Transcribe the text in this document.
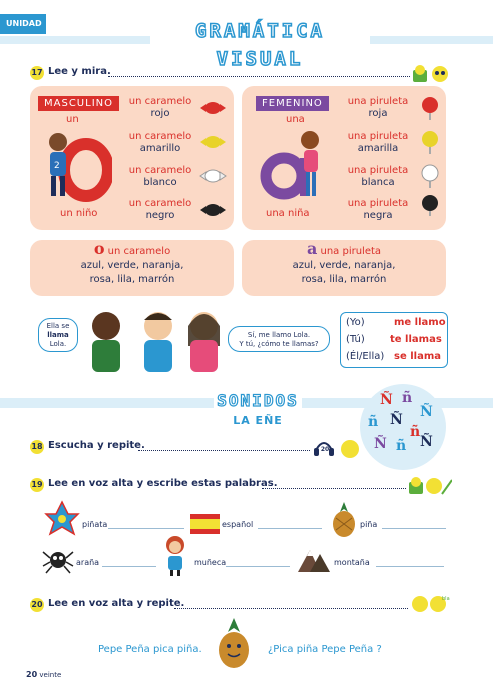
UNIDAD	GRAMÁTICA VISUAL
17 Lee y mira.
MASCULINO
un
2
un niño
un caramelo
rojo
un caramelo
amarillo
un caramelo
blanco
un caramelo
negro
FEMENINO
una
una niña
una piruleta
roja
una piruleta
amarilla
una piruleta
blanca
una piruleta
negra
o un caramelo
azul, verde, naranja,
rosa, lila, marrón
a una piruleta
azul, verde, naranja,
rosa, lila, marrón
Ella se
llama
Lola.
Sí, me llamo Lola.
Y tú, ¿cómo te llamas?
(Yo)	me llamo
(Tú)	te llamas
(Él/Ella) se llama
SONIDOS
LA EÑE
Ñ ñ
Ñ
ñ Ñ
ñ
Ñ ñ Ñ
18 Escucha y repite.	20
19 Lee en voz alta y escribe estas palabras.
piñata	español	piña
araña	muñeca	montaña
20 Lee en voz alta y repite.	bla
Pepe Peña pica piña.	¿Pica piña Pepe Peña ?
20 veinte
